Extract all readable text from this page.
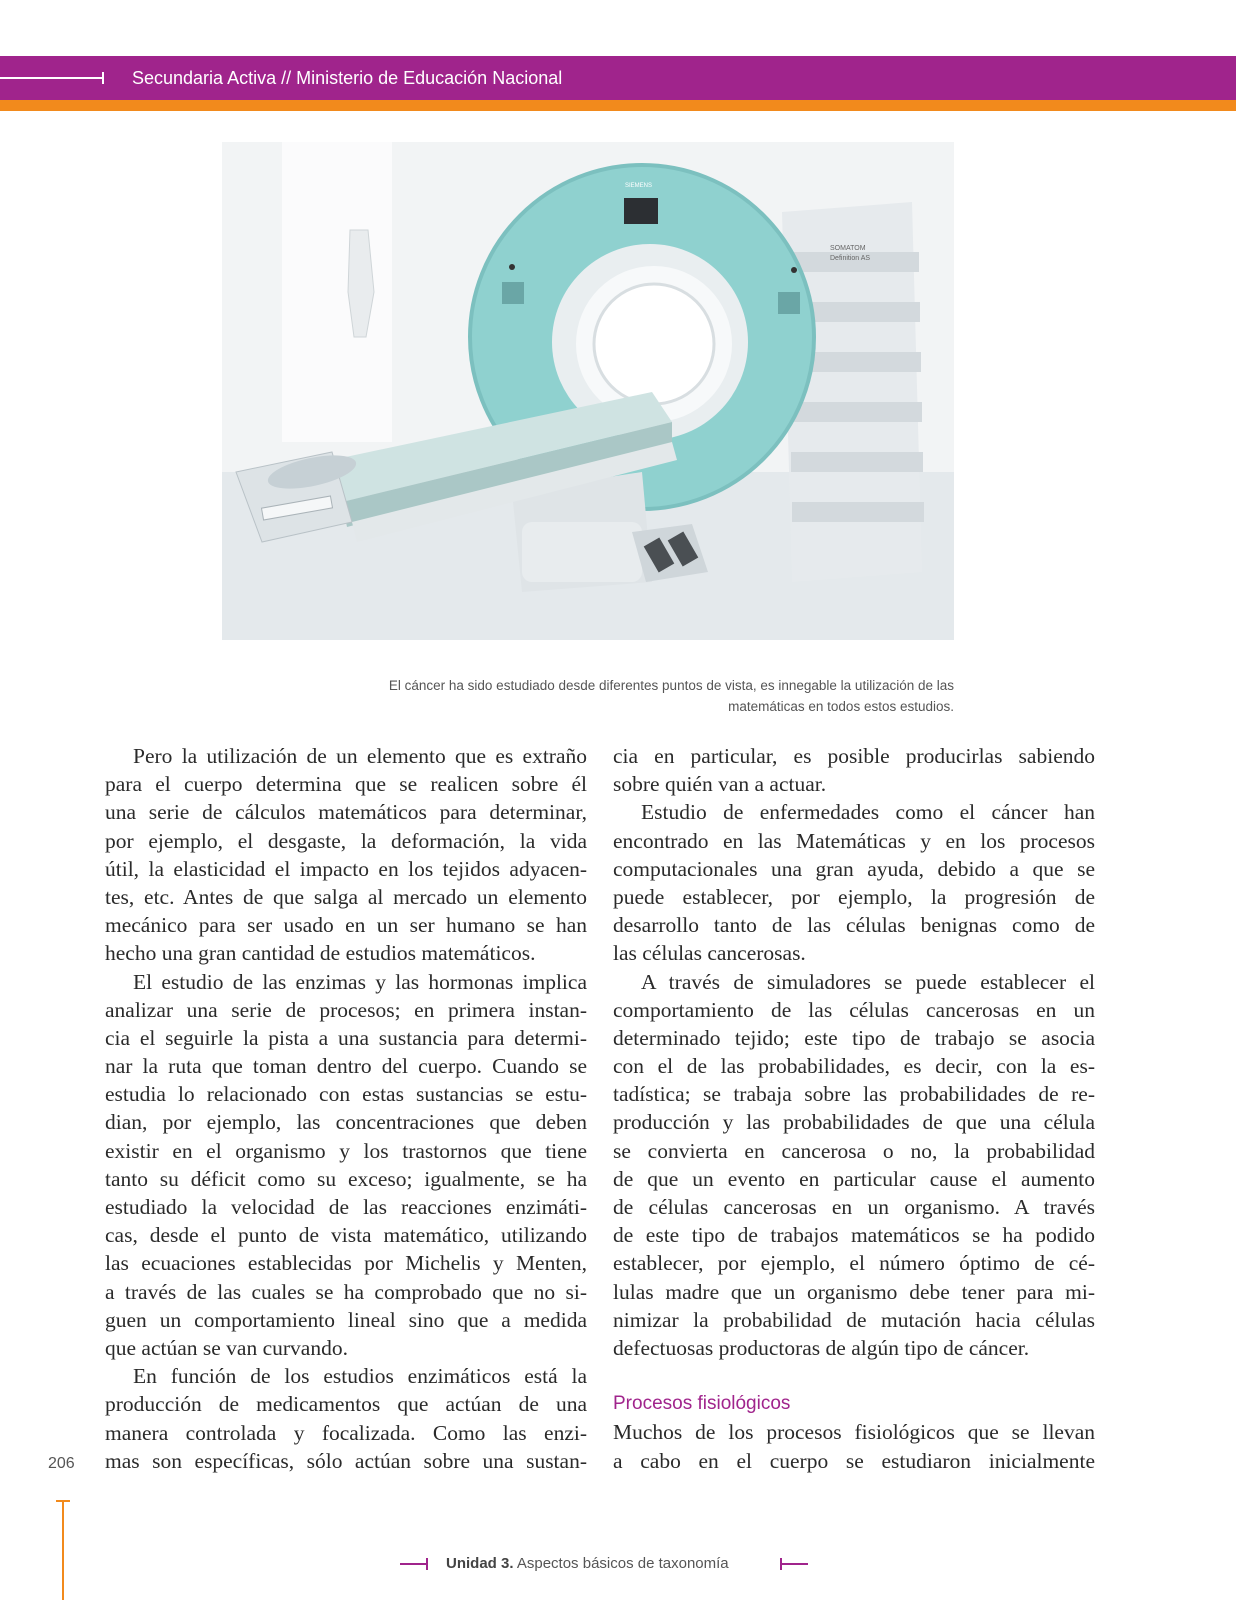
Secundaria Activa // Ministerio de Educación Nacional
SOMATOM
Definition AS
SIEMENS
El cáncer ha sido estudiado desde diferentes puntos de vista, es innegable la utilización de las
matemáticas en todos estos estudios.
Pero la utilización de un elemento que es extraño
para el cuerpo determina que se realicen sobre él
una serie de cálculos matemáticos para determinar,
por ejemplo, el desgaste, la deformación, la vida
útil, la elasticidad el impacto en los tejidos adyacen-
tes, etc. Antes de que salga al mercado un elemento
mecánico para ser usado en un ser humano se han
hecho una gran cantidad de estudios matemáticos.
El estudio de las enzimas y las hormonas implica
analizar una serie de procesos; en primera instan-
cia el seguirle la pista a una sustancia para determi-
nar la ruta que toman dentro del cuerpo. Cuando se
estudia lo relacionado con estas sustancias se estu-
dian, por ejemplo, las concentraciones que deben
existir en el organismo y los trastornos que tiene
tanto su déficit como su exceso; igualmente, se ha
estudiado la velocidad de las reacciones enzimáti-
cas, desde el punto de vista matemático, utilizando
las ecuaciones establecidas por Michelis y Menten,
a través de las cuales se ha comprobado que no si-
guen un comportamiento lineal sino que a medida
que actúan se van curvando.
En función de los estudios enzimáticos está la
producción de medicamentos que actúan de una
manera controlada y focalizada. Como las enzi-
mas son específicas, sólo actúan sobre una sustan-
cia en particular, es posible producirlas sabiendo
sobre quién van a actuar.
Estudio de enfermedades como el cáncer han
encontrado en las Matemáticas y en los procesos
computacionales una gran ayuda, debido a que se
puede establecer, por ejemplo, la progresión de
desarrollo tanto de las células benignas como de
las células cancerosas.
A través de simuladores se puede establecer el
comportamiento de las células cancerosas en un
determinado tejido; este tipo de trabajo se asocia
con el de las probabilidades, es decir, con la es-
tadística; se trabaja sobre las probabilidades de re-
producción y las probabilidades de que una célula
se convierta en cancerosa o no, la probabilidad
de que un evento en particular cause el aumento
de células cancerosas en un organismo. A través
de este tipo de trabajos matemáticos se ha podido
establecer, por ejemplo, el número óptimo de cé-
lulas madre que un organismo debe tener para mi-
nimizar la probabilidad de mutación hacia células
defectuosas productoras de algún tipo de cáncer.
Procesos fisiológicos
Muchos de los procesos fisiológicos que se llevan
a cabo en el cuerpo se estudiaron inicialmente
206
Unidad 3. Aspectos básicos de taxonomía
